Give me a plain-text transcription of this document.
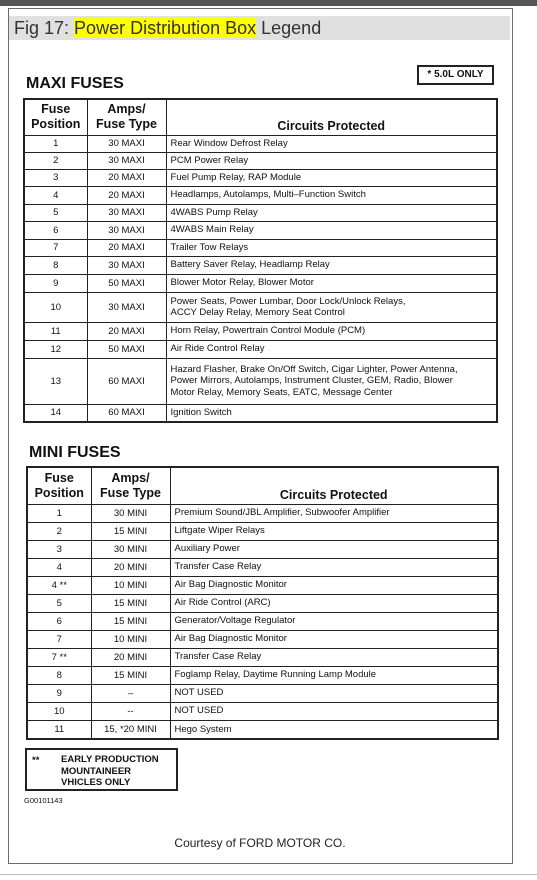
Fig 17: Power Distribution Box Legend
MAXI FUSES
* 5.0L ONLY
Fuse
Position	Amps/
Fuse Type	Circuits Protected
1	30 MAXI	Rear Window Defrost Relay
2	30 MAXI	PCM Power Relay
3	20 MAXI	Fuel Pump Relay, RAP Module
4	20 MAXI	Headlamps, Autolamps, Multi–Function Switch
5	30 MAXI	4WABS Pump Relay
6	30 MAXI	4WABS Main Relay
7	20 MAXI	Trailer Tow Relays
8	30 MAXI	Battery Saver Relay, Headlamp Relay
9	50 MAXI	Blower Motor Relay, Blower Motor
10	30 MAXI	Power Seats, Power Lumbar, Door Lock/Unlock Relays,
ACCY Delay Relay, Memory Seat Control
11	20 MAXI	Horn Relay, Powertrain Control Module (PCM)
12	50 MAXI	Air Ride Control Relay
13	60 MAXI	Hazard Flasher, Brake On/Off Switch, Cigar Lighter, Power Antenna,
Power Mirrors, Autolamps, Instrument Cluster, GEM, Radio, Blower
Motor Relay, Memory Seats, EATC, Message Center
14	60 MAXI	Ignition Switch
MINI FUSES
Fuse
Position	Amps/
Fuse Type	Circuits Protected
1	30 MINI	Premium Sound/JBL Amplifier, Subwoofer Amplifier
2	15 MINI	Liftgate Wiper Relays
3	30 MINI	Auxiliary Power
4	20 MINI	Transfer Case Relay
4 **	10 MINI	Air Bag Diagnostic Monitor
5	15 MINI	Air Ride Control (ARC)
6	15 MINI	Generator/Voltage Regulator
7	10 MINI	Air Bag Diagnostic Monitor
7 **	20 MINI	Transfer Case Relay
8	15 MINI	Foglamp Relay, Daytime Running Lamp Module
9	–	NOT USED
10	--	NOT USED
11	15, *20 MINI	Hego System
** EARLY PRODUCTION
MOUNTAINEER
VHICLES ONLY
G00101143
Courtesy of FORD MOTOR CO.
